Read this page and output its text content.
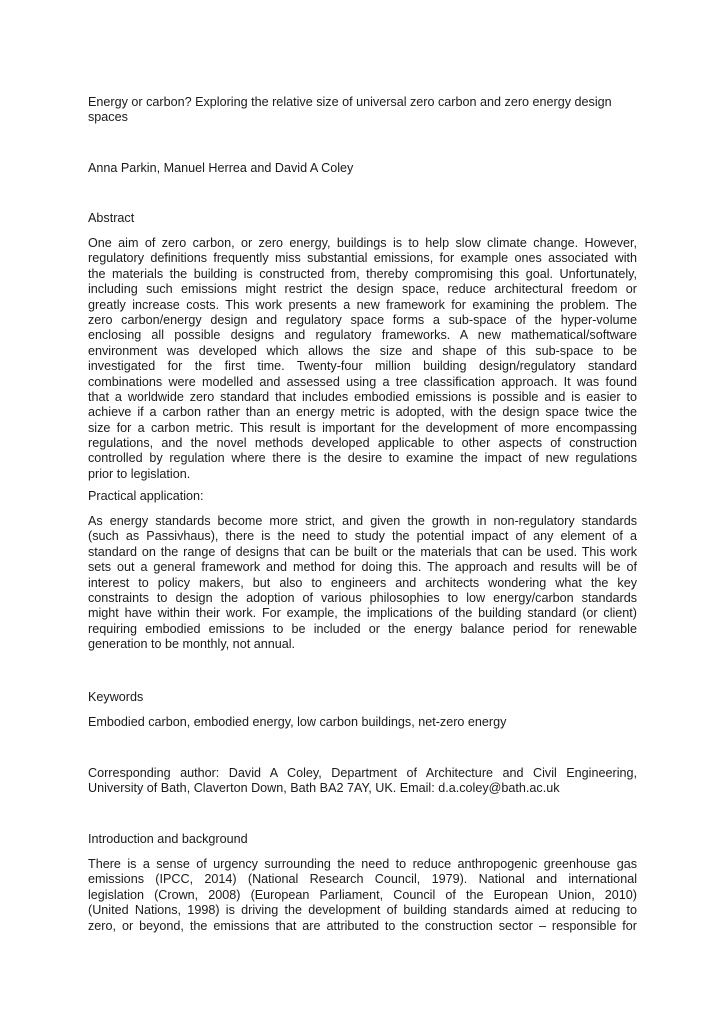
Energy or carbon? Exploring the relative size of universal zero carbon and zero energy design
spaces
Anna Parkin, Manuel Herrea and David A Coley
Abstract
One aim of zero carbon, or zero energy, buildings is to help slow climate change. However,
regulatory definitions frequently miss substantial emissions, for example ones associated with
the materials the building is constructed from, thereby compromising this goal. Unfortunately,
including such emissions might restrict the design space, reduce architectural freedom or
greatly increase costs. This work presents a new framework for examining the problem. The
zero carbon/energy design and regulatory space forms a sub-space of the hyper-volume
enclosing all possible designs and regulatory frameworks. A new mathematical/software
environment was developed which allows the size and shape of this sub-space to be
investigated for the first time. Twenty-four million building design/regulatory standard
combinations were modelled and assessed using a tree classification approach. It was found
that a worldwide zero standard that includes embodied emissions is possible and is easier to
achieve if a carbon rather than an energy metric is adopted, with the design space twice the
size for a carbon metric. This result is important for the development of more encompassing
regulations, and the novel methods developed applicable to other aspects of construction
controlled by regulation where there is the desire to examine the impact of new regulations
prior to legislation.
Practical application:
As energy standards become more strict, and given the growth in non-regulatory standards
(such as Passivhaus), there is the need to study the potential impact of any element of a
standard on the range of designs that can be built or the materials that can be used. This work
sets out a general framework and method for doing this. The approach and results will be of
interest to policy makers, but also to engineers and architects wondering what the key
constraints to design the adoption of various philosophies to low energy/carbon standards
might have within their work. For example, the implications of the building standard (or client)
requiring embodied emissions to be included or the energy balance period for renewable
generation to be monthly, not annual.
Keywords
Embodied carbon, embodied energy, low carbon buildings, net-zero energy
Corresponding author: David A Coley, Department of Architecture and Civil Engineering,
University of Bath, Claverton Down, Bath BA2 7AY, UK. Email: d.a.coley@bath.ac.uk
Introduction and background
There is a sense of urgency surrounding the need to reduce anthropogenic greenhouse gas
emissions (IPCC, 2014) (National Research Council, 1979). National and international
legislation (Crown, 2008) (European Parliament, Council of the European Union, 2010)
(United Nations, 1998) is driving the development of building standards aimed at reducing to
zero, or beyond, the emissions that are attributed to the construction sector – responsible for
